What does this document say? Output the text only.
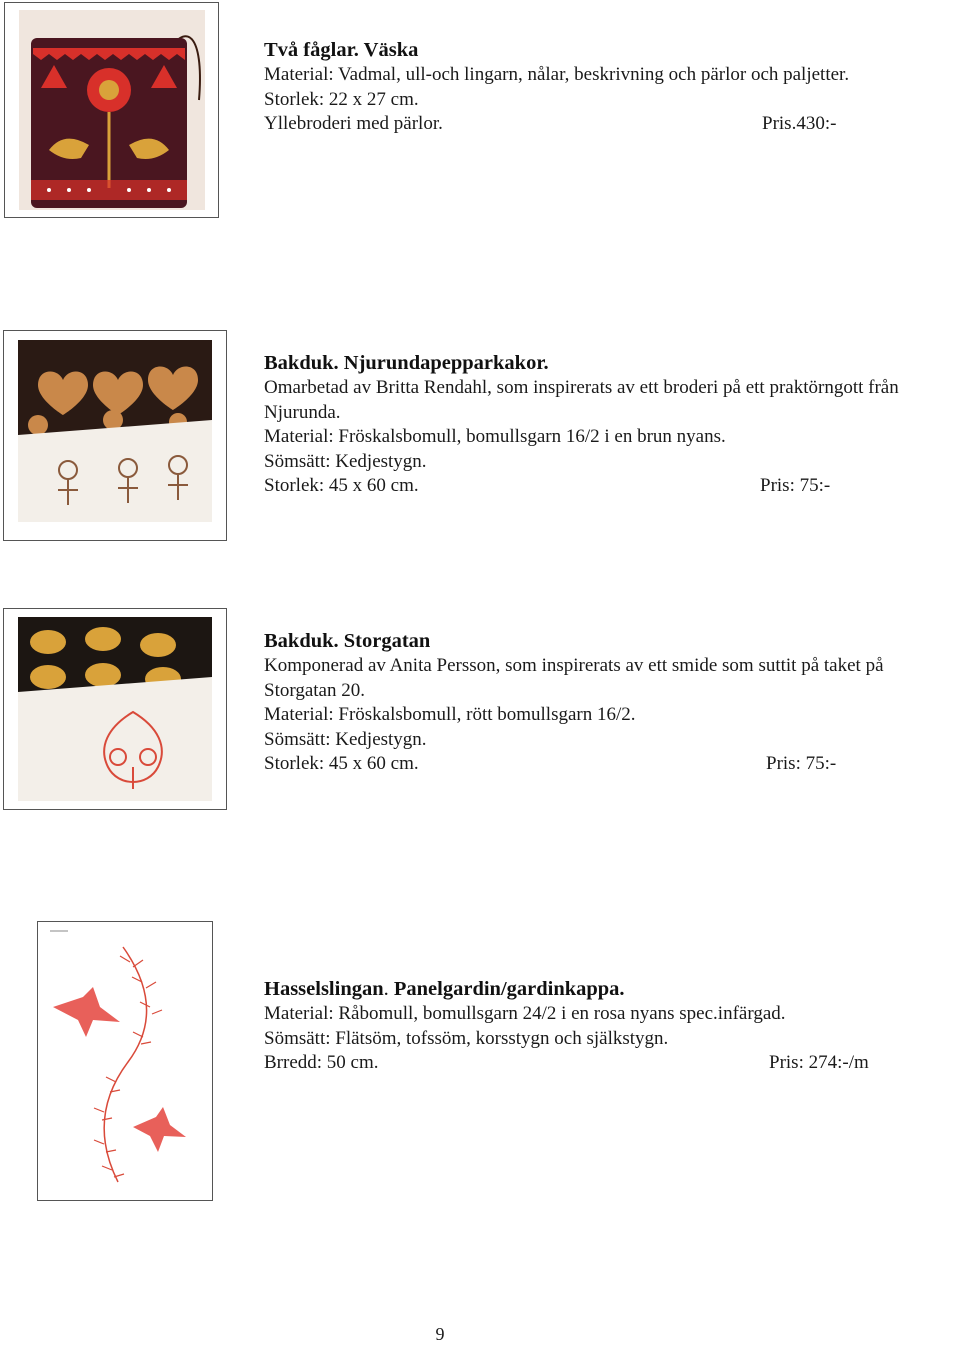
Två fåglar. Väska
Material: Vadmal, ull-och lingarn, nålar, beskrivning och pärlor och paljetter.
Storlek: 22 x 27 cm.
Yllebroderi med pärlor.	Pris.430:-
Bakduk. Njurundapepparkakor.
Omarbetad av Britta Rendahl, som inspirerats av ett broderi på ett praktörngott från Njurunda.
Material: Fröskalsbomull, bomullsgarn 16/2 i en brun nyans.
Sömsätt: Kedjestygn.
Storlek: 45 x 60 cm.	Pris: 75:-
Bakduk. Storgatan
Komponerad av Anita Persson, som inspirerats av ett smide som suttit på taket på Storgatan 20.
Material: Fröskalsbomull, rött bomullsgarn 16/2.
Sömsätt: Kedjestygn.
Storlek: 45 x 60 cm.	Pris: 75:-
Hasselslingan. Panelgardin/gardinkappa.
Material: Råbomull, bomullsgarn 24/2 i en rosa nyans spec.infärgad.
Sömsätt: Flätsöm, tofssöm, korsstygn och själkstygn.
Brredd: 50 cm.	Pris: 274:-/m
9
